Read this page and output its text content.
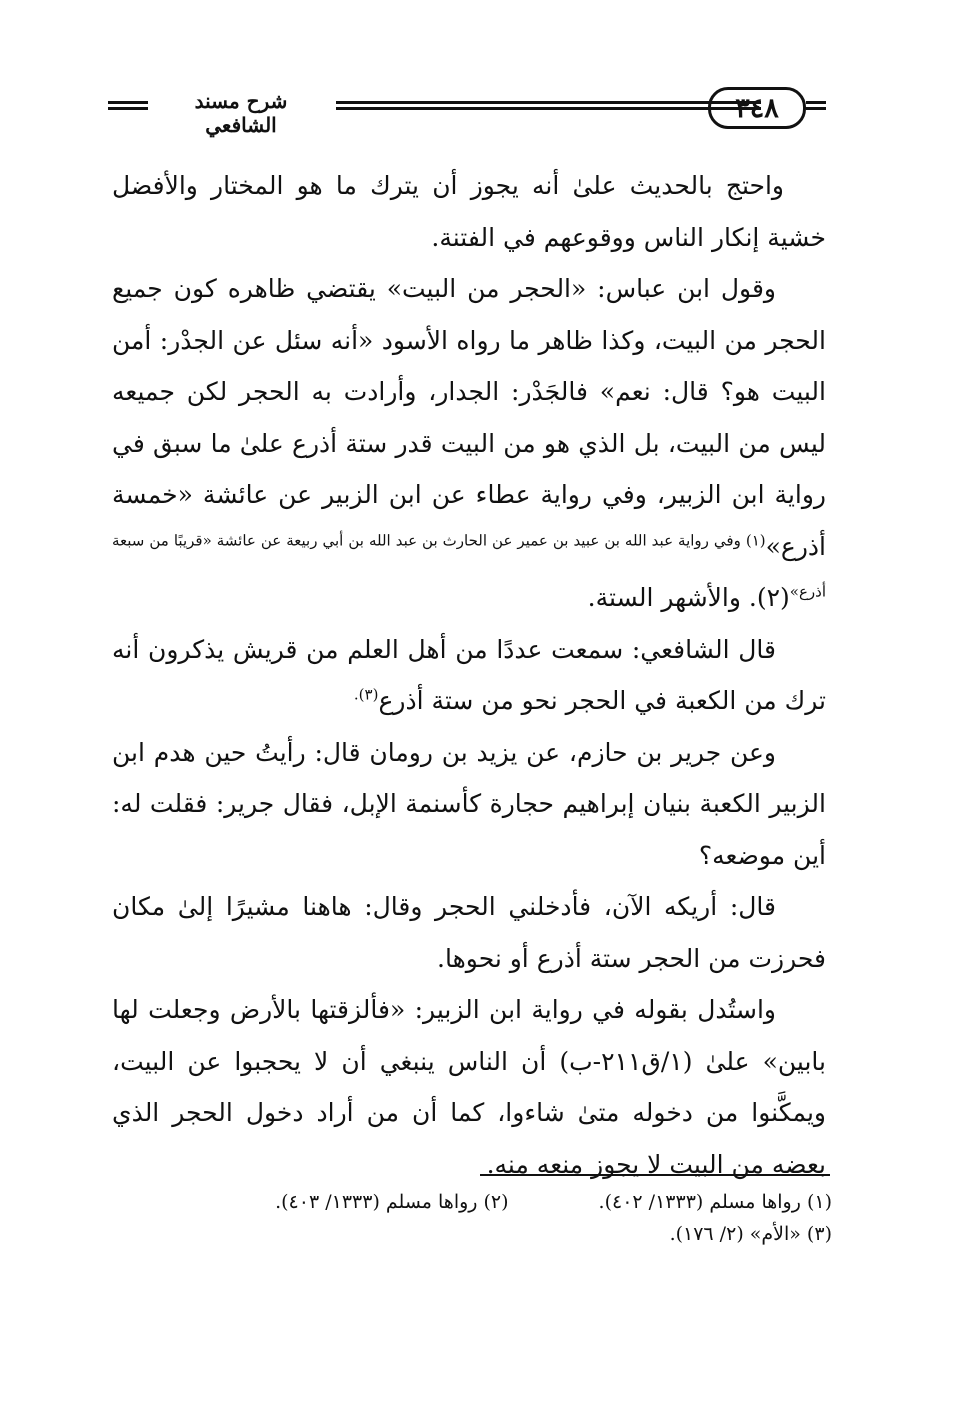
٣٤٨
شرح مسند الشافعي

واحتج بالحديث علىٰ أنه يجوز أن يترك ما هو المختار والأفضل خشية إنكار الناس ووقوعهم في الفتنة.

وقول ابن عباس: «الحجر من البيت» يقتضي ظاهره كون جميع الحجر من البيت، وكذا ظاهر ما رواه الأسود «أنه سئل عن الجدْر: أمن البيت هو؟ قال: نعم» فالجَدْر: الجدار، وأرادت به الحجر لكن جميعه ليس من البيت، بل الذي هو من البيت قدر ستة أذرع علىٰ ما سبق في رواية ابن الزبير، وفي رواية عطاء عن ابن الزبير عن عائشة «خمسة أذرع»$^{(١) وفي رواية عبد الله بن عبيد بن عمير عن الحارث بن عبد الله بن أبي ربيعة عن عائشة «قريبًا من سبعة أذرع»}$(٢). والأشهر الستة.

قال الشافعي: سمعت عددًا من أهل العلم من قريش يذكرون أنه ترك من الكعبة في الحجر نحو من ستة أذرع$^{(٣).}$

وعن جرير بن حازم، عن يزيد بن رومان قال: رأيتُ حين هدم ابن الزبير الكعبة بنيان إبراهيم حجارة كأسنمة الإبل، فقال جرير: فقلت له: أين موضعه؟

قال: أريكه الآن، فأدخلني الحجر وقال: هاهنا مشيرًا إلىٰ مكان فحرزت من الحجر ستة أذرع أو نحوها.

واستُدل بقوله في رواية ابن الزبير: «فألزقتها بالأرض وجعلت لها بابين» علىٰ (١/ق٢١١-ب) أن الناس ينبغي أن لا يحجبوا عن البيت، ويمكَّنوا من دخوله متىٰ شاءوا، كما أن من أراد دخول الحجر الذي بعضه من البيت لا يجوز منعه منه.

(١) رواها مسلم (١٣٣٣/ ٤٠٢).
(٢) رواها مسلم (١٣٣٣/ ٤٠٣).
(٣) «الأم» (٢/ ١٧٦).
